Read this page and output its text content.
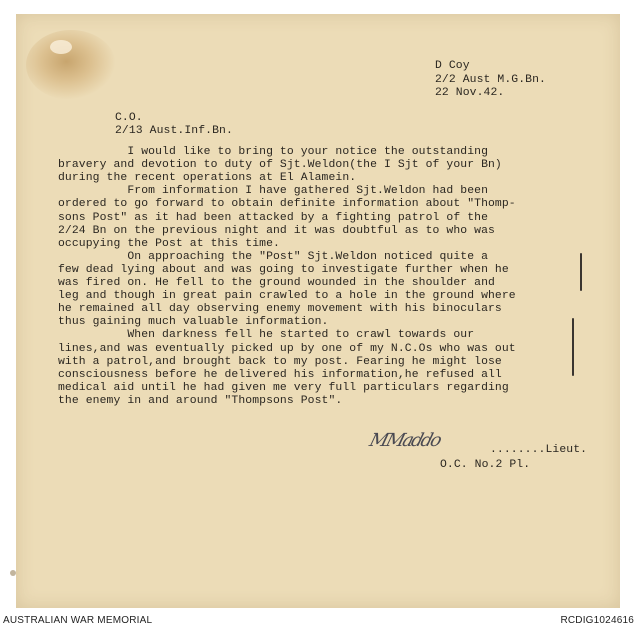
D Coy
2/2 Aust M.G.Bn.
22 Nov.42.
C.O.
2/13 Aust.Inf.Bn.
I would like to bring to your notice the outstanding
bravery and devotion to duty of Sjt.Weldon(the I Sjt of your Bn)
during the recent operations at El Alamein.
From information I have gathered Sjt.Weldon had been
ordered to go forward to obtain definite information about "Thomp-
sons Post" as it had been attacked by a fighting patrol of the
2/24 Bn on the previous night and it was doubtful as to who was
occupying the Post at this time.
On approaching the "Post" Sjt.Weldon noticed quite a
few dead lying about and was going to investigate further when he
was fired on. He fell to the ground wounded in the shoulder and
leg and though in great pain crawled to a hole in the ground where
he remained all day observing enemy movement with his binoculars
thus gaining much valuable information.
When darkness fell he started to crawl towards our
lines,and was eventually picked up by one of my N.C.Os who was out
with a patrol,and brought back to my post. Fearing he might lose
consciousness before he delivered his information,he refused all
medical aid until he had given me very full particulars regarding
the enemy in and around "Thompsons Post".
MMaddo	........Lieut.
O.C. No.2 Pl.
AUSTRALIAN WAR MEMORIAL	RCDIG1024616
